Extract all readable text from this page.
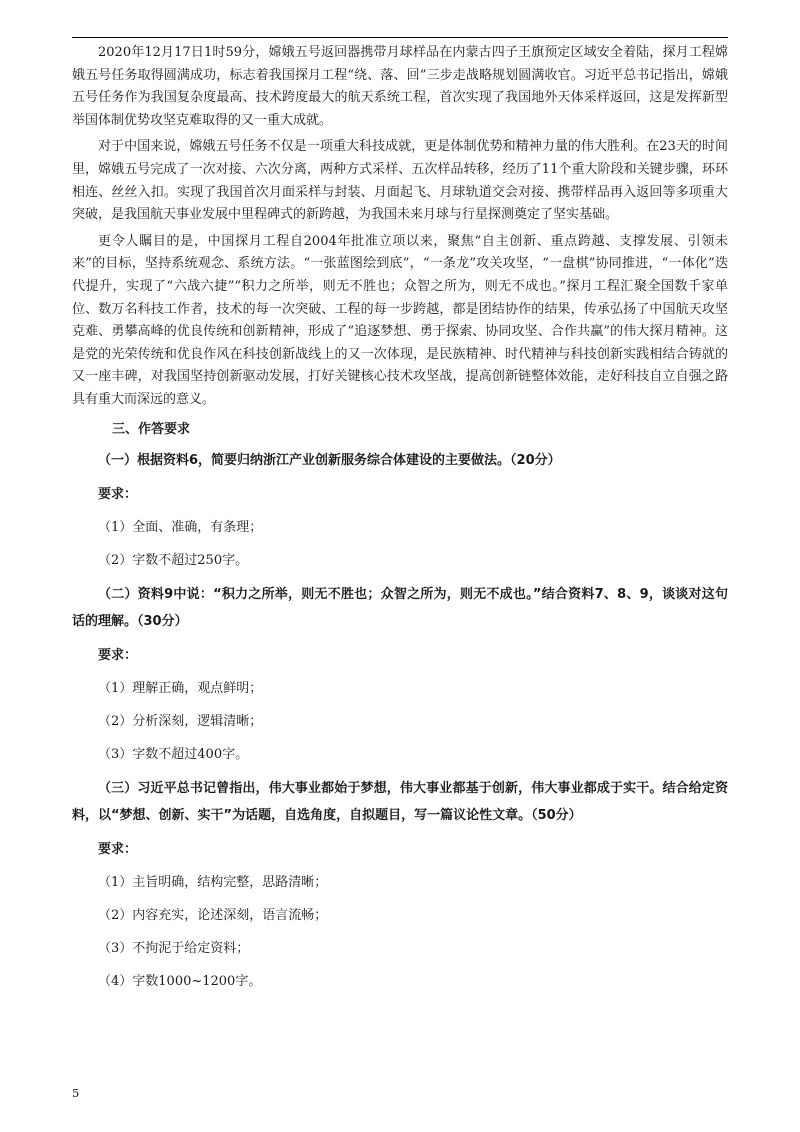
2020年12月17日1时59分，嫦娥五号返回器携带月球样品在内蒙古四子王旗预定区域安全着陆，探月工程嫦娥五号任务取得圆满成功，标志着我国探月工程“绕、落、回”三步走战略规划圆满收官。习近平总书记指出，嫦娥五号任务作为我国复杂度最高、技术跨度最大的航天系统工程，首次实现了我国地外天体采样返回，这是发挥新型举国体制优势攻坚克难取得的又一重大成就。

对于中国来说，嫦娥五号任务不仅是一项重大科技成就，更是体制优势和精神力量的伟大胜利。在23天的时间里，嫦娥五号完成了一次对接、六次分离，两种方式采样、五次样品转移，经历了11个重大阶段和关键步骤，环环相连、丝丝入扣。实现了我国首次月面采样与封装、月面起飞、月球轨道交会对接、携带样品再入返回等多项重大突破，是我国航天事业发展中里程碑式的新跨越，为我国未来月球与行星探测奠定了坚实基础。

更令人瞩目的是，中国探月工程自2004年批准立项以来，聚焦“自主创新、重点跨越、支撑发展、引领未来”的目标，坚持系统观念、系统方法。“一张蓝图绘到底”，“一条龙”攻关攻坚，“一盘棋”协同推进，“一体化”迭代提升，实现了“六战六捷”“积力之所举，则无不胜也；众智之所为，则无不成也。”探月工程汇聚全国数千家单位、数万名科技工作者，技术的每一次突破、工程的每一步跨越，都是团结协作的结果，传承弘扬了中国航天攻坚克难、勇攀高峰的优良传统和创新精神，形成了“追逐梦想、勇于探索、协同攻坚、合作共赢”的伟大探月精神。这是党的光荣传统和优良作风在科技创新战线上的又一次体现，是民族精神、时代精神与科技创新实践相结合铸就的又一座丰碑，对我国坚持创新驱动发展，打好关键核心技术攻坚战，提高创新链整体效能，走好科技自立自强之路具有重大而深远的意义。

三、作答要求

（一）根据资料6，简要归纳浙江产业创新服务综合体建设的主要做法。（20分）

要求：

（1）全面、准确，有条理；

（2）字数不超过250字。

（二）资料9中说：“积力之所举，则无不胜也；众智之所为，则无不成也。”结合资料7、8、9，谈谈对这句话的理解。（30分）

要求：

（1）理解正确，观点鲜明；

（2）分析深刻，逻辑清晰；

（3）字数不超过400字。

（三）习近平总书记曾指出，伟大事业都始于梦想，伟大事业都基于创新，伟大事业都成于实干。结合给定资料，以“梦想、创新、实干”为话题，自选角度，自拟题目，写一篇议论性文章。（50分）

要求：

（1）主旨明确，结构完整，思路清晰；

（2）内容充实，论述深刻，语言流畅；

（3）不拘泥于给定资料；

（4）字数1000~1200字。

5
